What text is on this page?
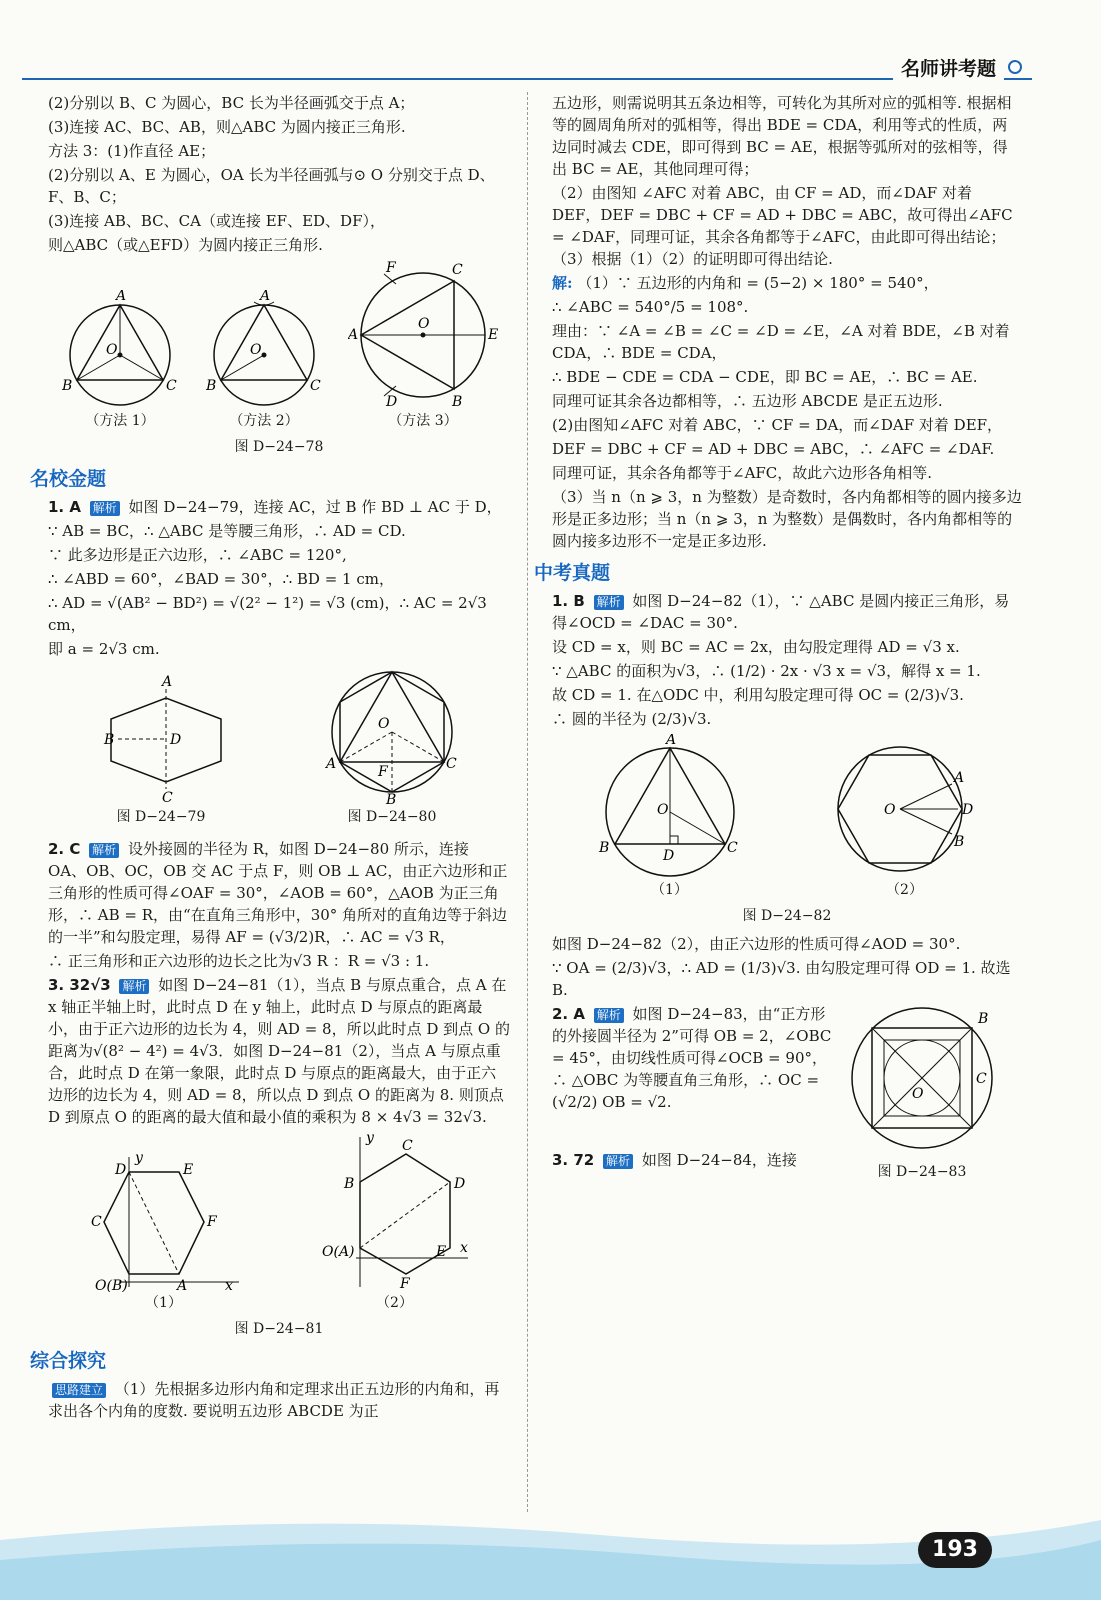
名师讲考题

(2)分别以 B、C 为圆心，BC 长为半径画弧交于点 A；

(3)连接 AC、BC、AB，则△ABC 为圆内接正三角形.

方法 3：(1)作直径 AE；

(2)分别以 A、E 为圆心，OA 长为半径画弧与⊙ O 分别交于点 D、F、B、C；

(3)连接 AB、BC、CA（或连接 EF、ED、DF），

则△ABC（或△EFD）为圆内接正三角形.

A
B	C
O
（方法 1）
A
B	C
O
（方法 2）
F	C
A	E
D	B
O
（方法 3）
图 D−24−78
名校金题

1. A 解析 如图 D−24−79，连接 AC，过 B 作 BD ⊥ AC 于 D，

∵ AB = BC，∴ △ABC 是等腰三角形，∴ AD = CD.

∵ 此多边形是正六边形，∴ ∠ABC = 120°,

∴ ∠ABD = 60°，∠BAD = 30°，∴ BD = 1 cm，

∴ AD = √(AB² − BD²) = √(2² − 1²) = √3 (cm)，∴ AC = 2√3 cm，

即 a = 2√3 cm.

A
B	D
C
图 D−24−79
O
A	C
B
F
图 D−24−80

2. C 解析 设外接圆的半径为 R，如图 D−24−80 所示，连接 OA、OB、OC，OB 交 AC 于点 F，则 OB ⊥ AC，由正六边形和正三角形的性质可得∠OAF = 30°，∠AOB = 60°，△AOB 为正三角形，∴ AB = R，由“在直角三角形中，30° 角所对的直角边等于斜边的一半”和勾股定理，易得 AF = (√3/2)R，∴ AC = √3 R，

∴ 正三角形和正六边形的边长之比为√3 R ：R = √3 : 1.

3. 32√3 解析 如图 D−24−81（1），当点 B 与原点重合，点 A 在 x 轴正半轴上时，此时点 D 在 y 轴上，此时点 D 与原点的距离最小，由于正六边形的边长为 4，则 AD = 8，所以此时点 D 到点 O 的距离为√(8² − 4²) = 4√3．如图 D−24−81（2），当点 A 与原点重合，此时点 D 在第一象限，此时点 D 与原点的距离最大，由于正六边形的边长为 4，则 AD = 8，所以点 D 到点 O 的距离为 8. 则顶点 D 到原点 O 的距离的最大值和最小值的乘积为 8 × 4√3 = 32√3.

y
D	E
C	F
O(B)	A	x
（1）
y C
B	D
O(A)	E x
F
（2）
图 D−24−81
综合探究

思路建立 （1）先根据多边形内角和定理求出正五边形的内角和，再求出各个内角的度数. 要说明五边形 ABCDE 为正

五边形，则需说明其五条边相等，可转化为其所对应的弧相等. 根据相等的圆周角所对的弧相等，得出 BDE = CDA，利用等式的性质，两边同时减去 CDE，即可得到 BC = AE，根据等弧所对的弦相等，得出 BC = AE，其他同理可得；

（2）由图知 ∠AFC 对着 ABC，由 CF = AD，而∠DAF 对着 DEF，DEF = DBC + CF = AD + DBC = ABC，故可得出∠AFC = ∠DAF，同理可证，其余各角都等于∠AFC，由此即可得出结论；（3）根据（1）（2）的证明即可得出结论.

解: （1）∵ 五边形的内角和 = (5−2) × 180° = 540°，

∴ ∠ABC = 540°/5 = 108°.

理由：∵ ∠A = ∠B = ∠C = ∠D = ∠E，∠A 对着 BDE，∠B 对着 CDA，∴ BDE = CDA，

∴ BDE − CDE = CDA − CDE，即 BC = AE，∴ BC = AE.

同理可证其余各边都相等，∴ 五边形 ABCDE 是正五边形.

(2)由图知∠AFC 对着 ABC，∵ CF = DA，而∠DAF 对着 DEF，

DEF = DBC + CF = AD + DBC = ABC，∴ ∠AFC = ∠DAF.

同理可证，其余各角都等于∠AFC，故此六边形各角相等.

（3）当 n（n ⩾ 3，n 为整数）是奇数时，各内角都相等的圆内接多边形是正多边形；当 n（n ⩾ 3，n 为整数）是偶数时，各内角都相等的圆内接多边形不一定是正多边形.

中考真题

1. B 解析 如图 D−24−82（1），∵ △ABC 是圆内接正三角形，易得∠OCD = ∠DAC = 30°.

设 CD = x，则 BC = AC = 2x，由勾股定理得 AD = √3 x.

∵ △ABC 的面积为√3，∴ (1/2) · 2x · √3 x = √3，解得 x = 1.

故 CD = 1. 在△ODC 中，利用勾股定理可得 OC = (2/3)√3.

∴ 圆的半径为 (2/3)√3.

A
O
B	C
D
（1）
O
A
D
B
（2）
图 D−24−82

如图 D−24−82（2），由正六边形的性质可得∠AOD = 30°.

∵ OA = (2/3)√3，∴ AD = (1/3)√3. 由勾股定理可得 OD = 1. 故选 B.

2. A 解析 如图 D−24−83，由“正方形的外接圆半径为 2”可得 OB = 2，∠OBC = 45°，由切线性质可得∠OCB = 90°，∴ △OBC 为等腰直角三角形，∴ OC = (√2/2) OB = √2.	O
B
C
图 D−24−83

3. 72 解析 如图 D−24−84，连接

193
